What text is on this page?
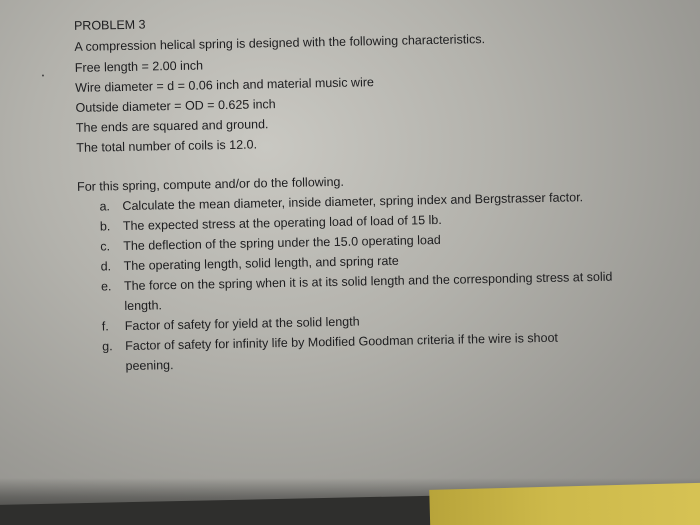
PROBLEM 3
A compression helical spring is designed with the following characteristics.
Free length = 2.00 inch
Wire diameter = d = 0.06 inch and material music wire
Outside diameter = OD = 0.625 inch
The ends are squared and ground.
The total number of coils is 12.0.
For this spring, compute and/or do the following.
a. Calculate the mean diameter, inside diameter, spring index and Bergstrasser factor.
b. The expected stress at the operating load of load of 15 lb.
c. The deflection of the spring under the 15.0 operating load
d. The operating length, solid length, and spring rate
e. The force on the spring when it is at its solid length and the corresponding stress at solid
length.
f. Factor of safety for yield at the solid length
g. Factor of safety for infinity life by Modified Goodman criteria if the wire is shoot
peening.
